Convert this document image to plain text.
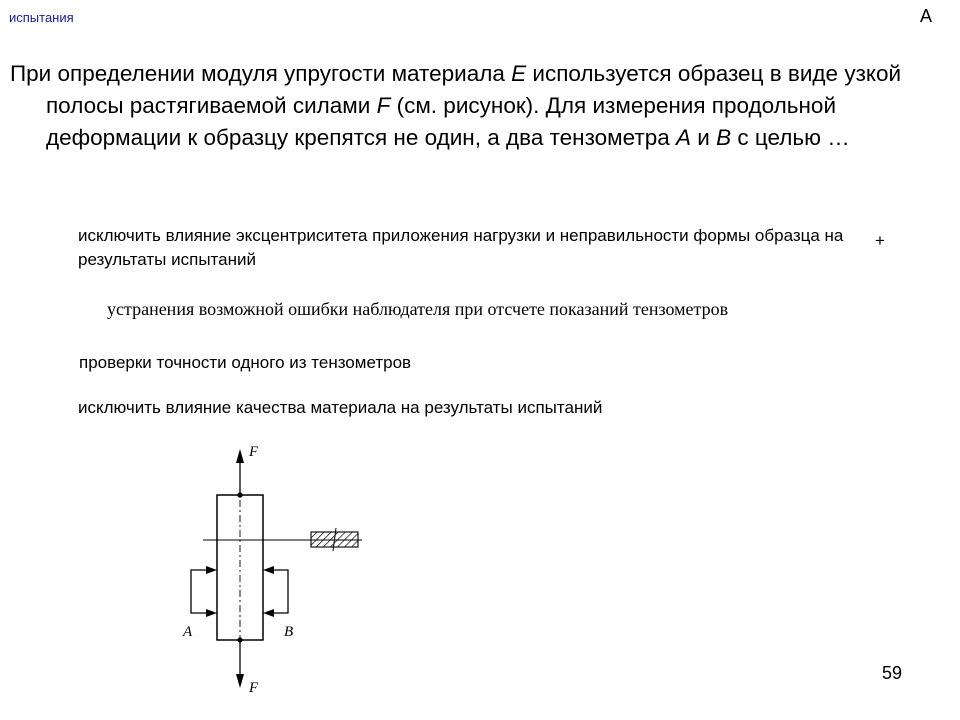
испытания	А

При определении модуля упругости материала E используется образец в виде узкой полосы растягиваемой силами F (см. рисунок). Для измерения продольной деформации к образцу крепятся не один, а два тензометра А и В с целью …

исключить влияние эксцентриситета приложения нагрузки и неправильности формы образца на результаты испытаний
+
устранения возможной ошибки наблюдателя при отсчете показаний тензометров
проверки точности одного из тензометров
исключить влияние качества материала на результаты испытаний
F
F
A	B
59
